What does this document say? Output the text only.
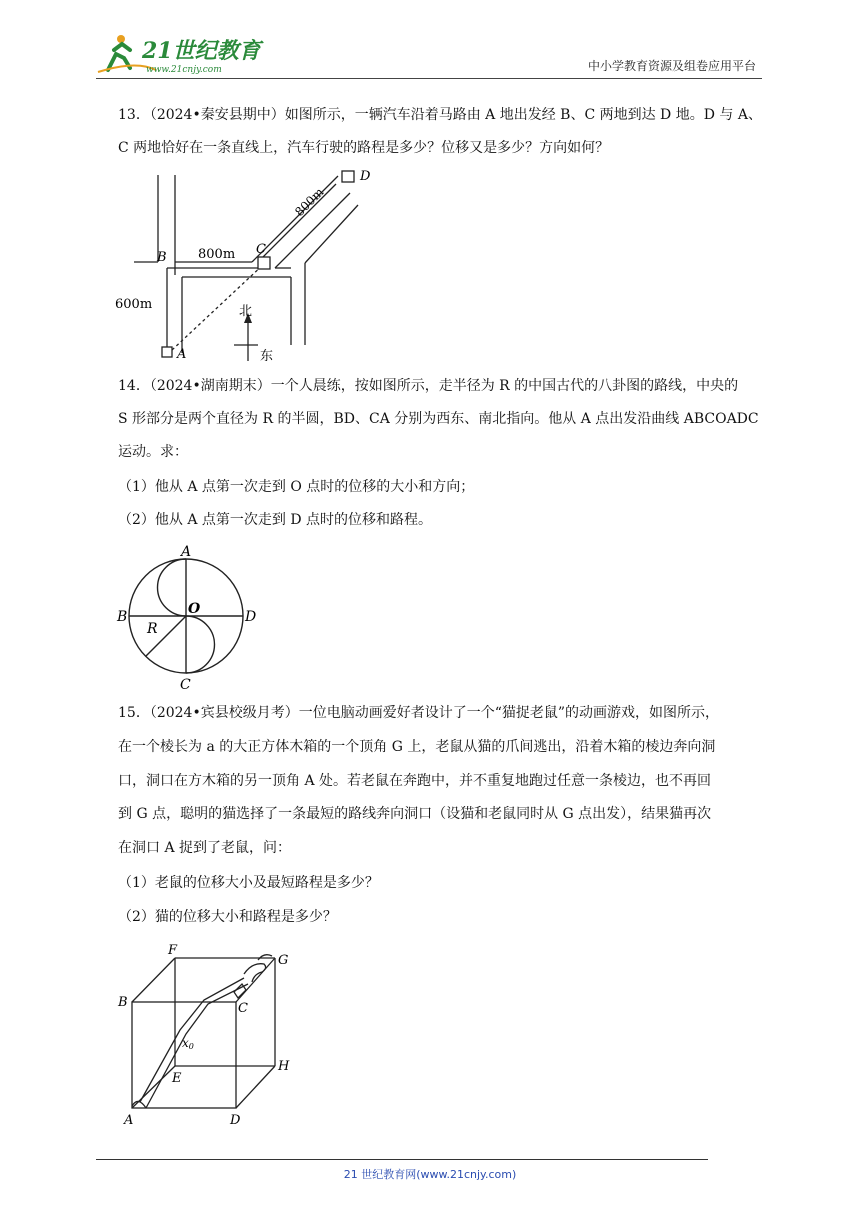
21世纪教育
www.21cnjy.com	中小学教育资源及组卷应用平台

13．（2024•秦安县期中）如图所示，一辆汽车沿着马路由 A 地出发经 B、C 两地到达 D 地。D 与 A、

C 两地恰好在一条直线上，汽车行驶的路程是多少？位移又是多少？方向如何？

A
B
C
D
800m
800m
600m	北
东

14．（2024•湖南期末）一个人晨练，按如图所示，走半径为 R 的中国古代的八卦图的路线，中央的

S 形部分是两个直径为 R 的半圆，BD、CA 分别为西东、南北指向。他从 A 点出发沿曲线 ABCOADC

运动。求：

（1）他从 A 点第一次走到 O 点时的位移的大小和方向；

（2）他从 A 点第一次走到 D 点时的位移和路程。

A
B
C
D
O
R

15．（2024•宾县校级月考）一位电脑动画爱好者设计了一个“猫捉老鼠”的动画游戏，如图所示，

在一个棱长为 a 的大正方体木箱的一个顶角 G 上，老鼠从猫的爪间逃出，沿着木箱的棱边奔向洞

口，洞口在方木箱的另一顶角 A 处。若老鼠在奔跑中，并不重复地跑过任意一条棱边，也不再回

到 G 点，聪明的猫选择了一条最短的路线奔向洞口（设猫和老鼠同时从 G 点出发），结果猫再次

在洞口 A 捉到了老鼠，问：

（1）老鼠的位移大小及最短路程是多少？

（2）猫的位移大小和路程是多少？

F
G
B	C
H
E
A	D
x0
21 世纪教育网(www.21cnjy.com)
